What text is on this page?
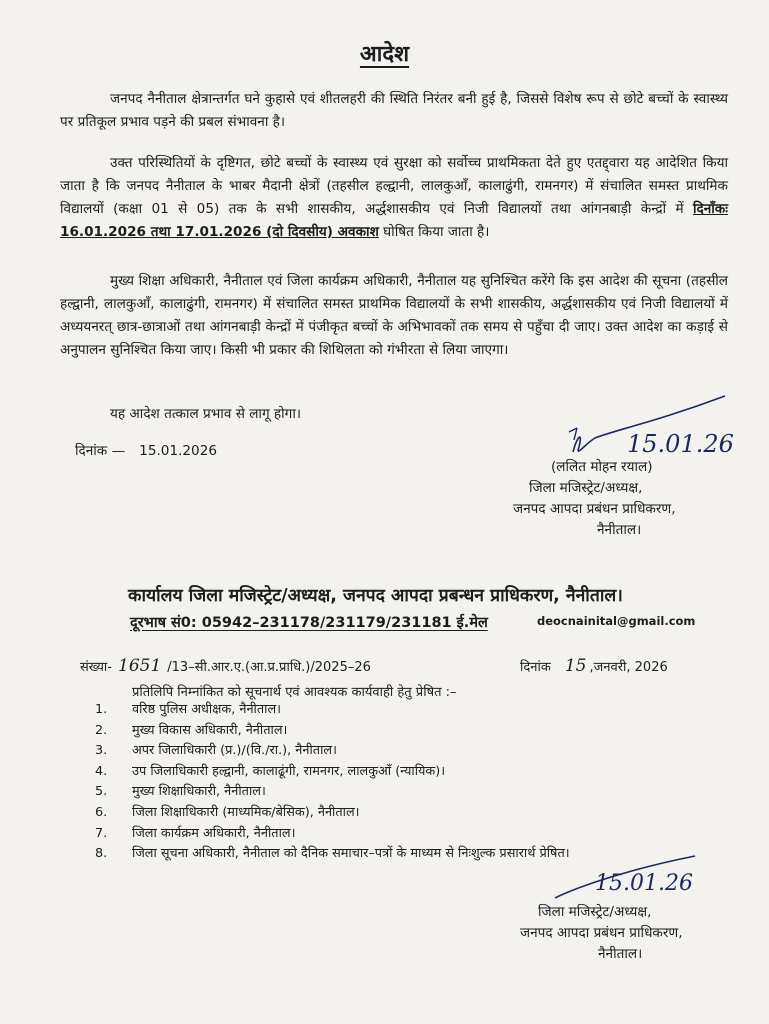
आदेश

जनपद नैनीताल क्षेत्रान्तर्गत घने कुहासे एवं शीतलहरी की स्थिति निरंतर बनी हुई है, जिससे विशेष रूप से छोटे बच्चों के स्वास्थ्य पर प्रतिकूल प्रभाव पड़ने की प्रबल संभावना है।

उक्त परिस्थितियों के दृष्टिगत, छोटे बच्चों के स्वास्थ्य एवं सुरक्षा को सर्वोच्च प्राथमिकता देते हुए एतद्द्वारा यह आदेशित किया जाता है कि जनपद नैनीताल के भाबर मैदानी क्षेत्रों (तहसील हल्द्वानी, लालकुआँ, कालाढुंगी, रामनगर) में संचालित समस्त प्राथमिक विद्यालयों (कक्षा 01 से 05) तक के सभी शासकीय, अर्द्धशासकीय एवं निजी विद्यालयों तथा आंगनबाड़ी केन्द्रों में दिनाँकः 16.01.2026 तथा 17.01.2026 (दो दिवसीय) अवकाश घोषित किया जाता है।

मुख्य शिक्षा अधिकारी, नैनीताल एवं जिला कार्यक्रम अधिकारी, नैनीताल यह सुनिश्चित करेंगे कि इस आदेश की सूचना (तहसील हल्द्वानी, लालकुआँ, कालाढुंगी, रामनगर) में संचालित समस्त प्राथमिक विद्यालयों के सभी शासकीय, अर्द्धशासकीय एवं निजी विद्यालयों में अध्ययनरत् छात्र-छात्राओं तथा आंगनबाड़ी केन्द्रों में पंजीकृत बच्चों के अभिभावकों तक समय से पहुँचा दी जाए। उक्त आदेश का कड़ाई से अनुपालन सुनिश्चित किया जाए। किसी भी प्रकार की शिथिलता को गंभीरता से लिया जाएगा।

यह आदेश तत्काल प्रभाव से लागू होगा।
दिनांक — 15.01.2026	15.01.26
(ललित मोहन रयाल)
जिला मजिस्ट्रेट/अध्यक्ष,
जनपद आपदा प्रबंधन प्राधिकरण,
नैनीताल।
कार्यालय जिला मजिस्ट्रेट/अध्यक्ष, जनपद आपदा प्रबन्धन प्राधिकरण, नैनीताल।
दूरभाष सं0: 05942–231178/231179/231181 ई.मेल	deocnainital@gmail.com
संख्या- 1651 /13–सी.आर.ए.(आ.प्र.प्राधि.)/2025–26	दिनांक 15 ,जनवरी, 2026
प्रतिलिपि निम्नांकित को सूचनार्थ एवं आवश्यक कार्यवाही हेतु प्रेषित :–
1.	वरिष्ठ पुलिस अधीक्षक, नैनीताल।
2.	मुख्य विकास अधिकारी, नैनीताल।
3.	अपर जिलाधिकारी (प्र.)/(वि./रा.), नैनीताल।
4.	उप जिलाधिकारी हल्द्वानी, कालाढूंगी, रामनगर, लालकुआँ (न्यायिक)।
5.	मुख्य शिक्षाधिकारी, नैनीताल।
6.	जिला शिक्षाधिकारी (माध्यमिक/बेसिक), नैनीताल।
7.	जिला कार्यक्रम अधिकारी, नैनीताल।
8.	जिला सूचना अधिकारी, नैनीताल को दैनिक समाचार–पत्रों के माध्यम से निःशुल्क प्रसारार्थ प्रेषित।
15.01.26
जिला मजिस्ट्रेट/अध्यक्ष,
जनपद आपदा प्रबंधन प्राधिकरण,
नैनीताल।
